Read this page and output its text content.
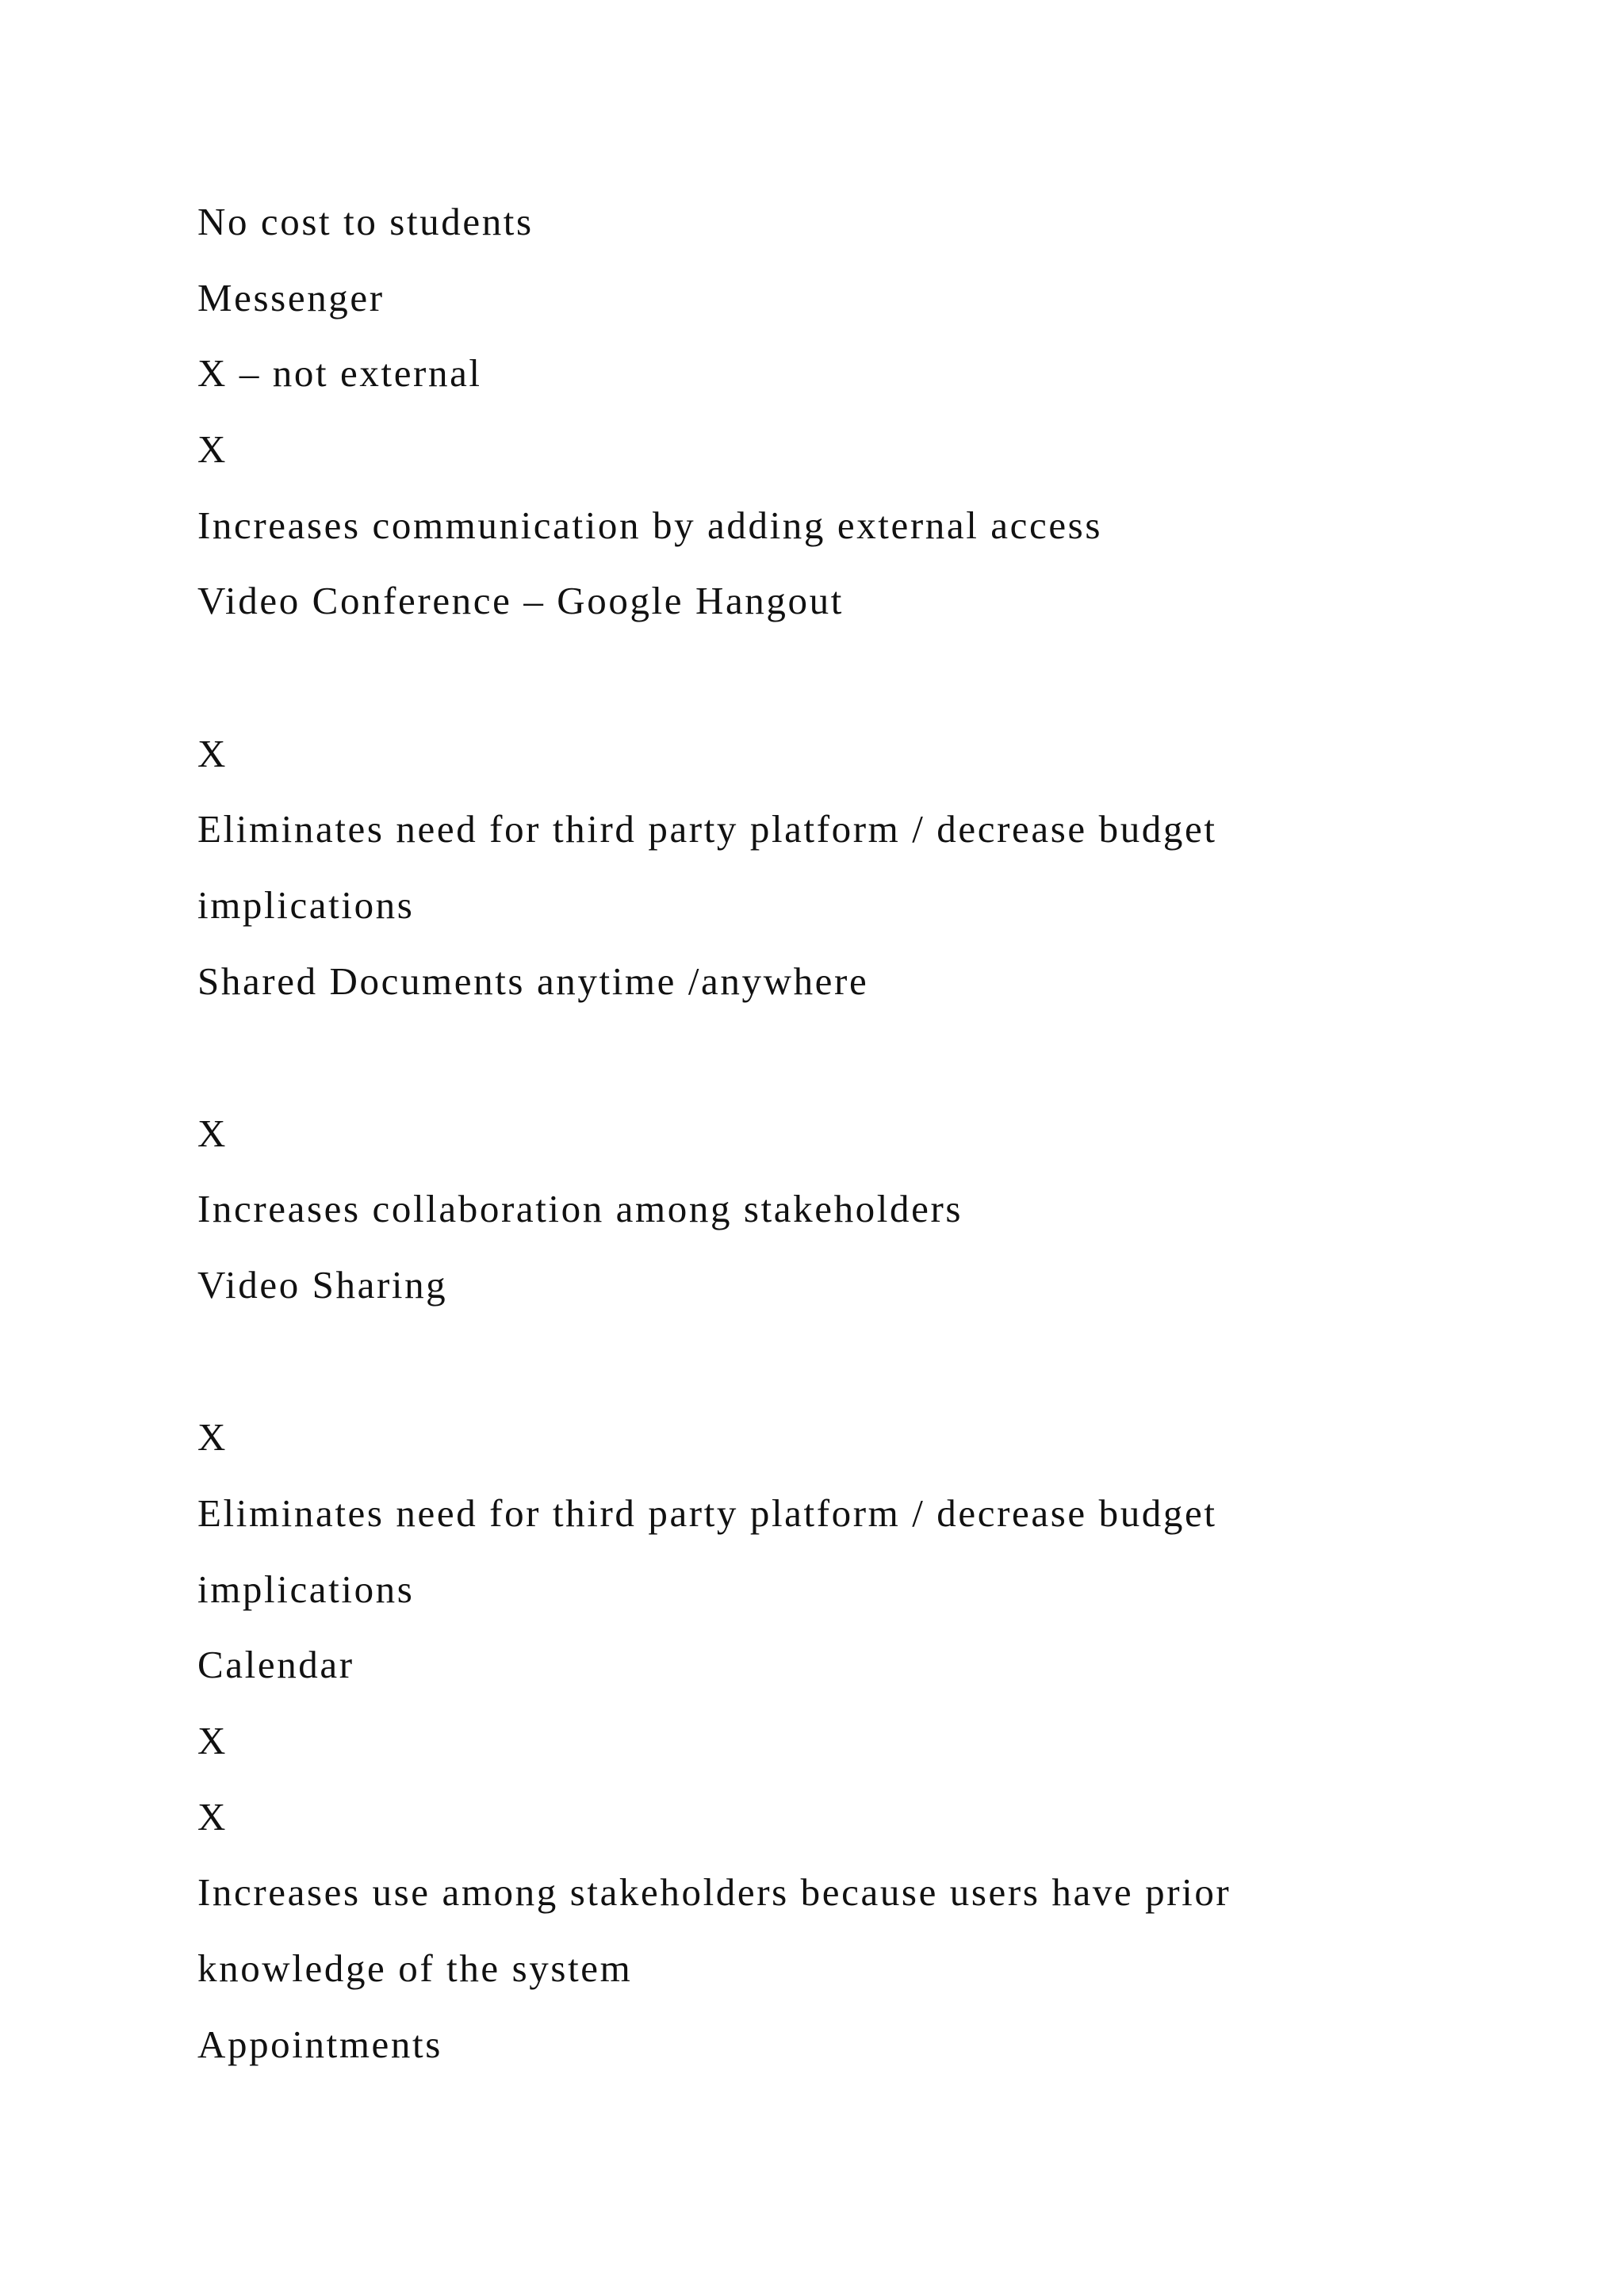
No cost to students
Messenger
X – not external
X
Increases communication by adding external access
Video Conference – Google Hangout
X
Eliminates need for third party platform / decrease budget
implications
Shared Documents anytime /anywhere
X
Increases collaboration among stakeholders
Video Sharing
X
Eliminates need for third party platform / decrease budget
implications
Calendar
X
X
Increases use among stakeholders because users have prior
knowledge of the system
Appointments
